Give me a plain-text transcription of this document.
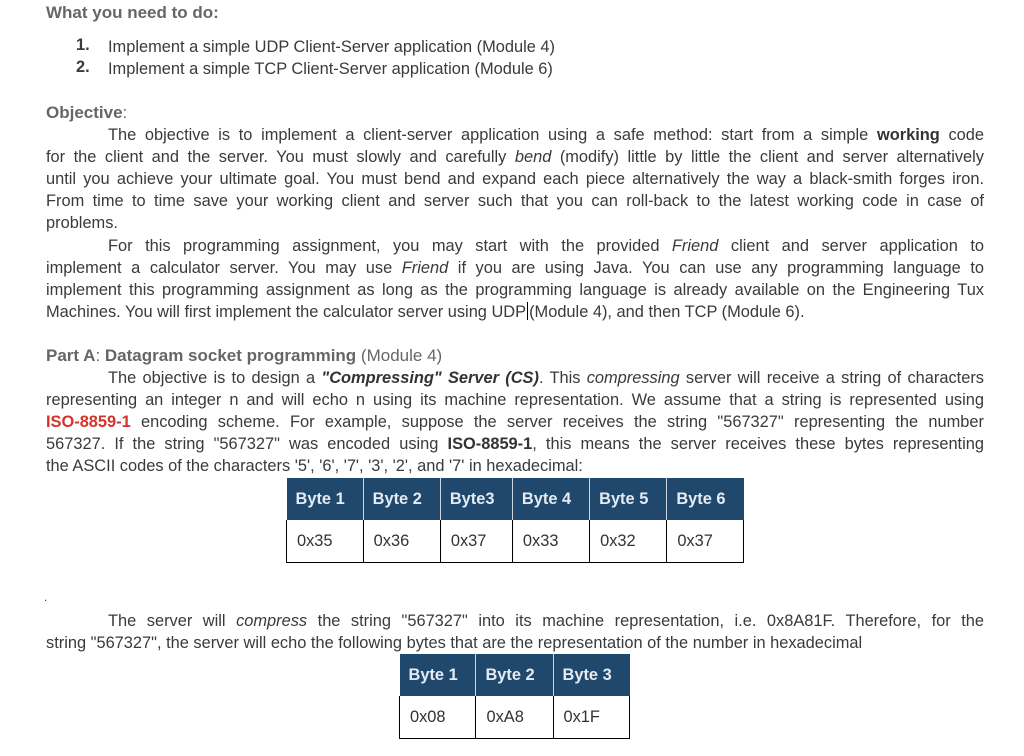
What you need to do:
1. Implement a simple UDP Client-Server application (Module 4)
2. Implement a simple TCP Client-Server application (Module 6)
Objective:
The objective is to implement a client-server application using a safe method: start from a simple working code
for the client and the server. You must slowly and carefully bend (modify) little by little the client and server alternatively
until you achieve your ultimate goal. You must bend and expand each piece alternatively the way a black-smith forges iron.
From time to time save your working client and server such that you can roll-back to the latest working code in case of
problems.
For this programming assignment, you may start with the provided Friend client and server application to
implement a calculator server. You may use Friend if you are using Java. You can use any programming language to
implement this programming assignment as long as the programming language is already available on the Engineering Tux
Machines. You will first implement the calculator server using UDP (Module 4), and then TCP (Module 6).
Part A: Datagram socket programming (Module 4)
The objective is to design a "Compressing" Server (CS). This compressing server will receive a string of characters
representing an integer n and will echo n using its machine representation. We assume that a string is represented using
ISO-8859-1 encoding scheme. For example, suppose the server receives the string "567327" representing the number
567327. If the string "567327" was encoded using ISO-8859-1, this means the server receives these bytes representing
the ASCII codes of the characters '5', '6', '7', '3', '2', and '7' in hexadecimal:
Byte 1	Byte 2	Byte3	Byte 4	Byte 5	Byte 6
0x35	0x36	0x37	0x33	0x32	0x37
.
The server will compress the string "567327" into its machine representation, i.e. 0x8A81F. Therefore, for the
string "567327", the server will echo the following bytes that are the representation of the number in hexadecimal
Byte 1	Byte 2	Byte 3
0x08	0xA8	0x1F
